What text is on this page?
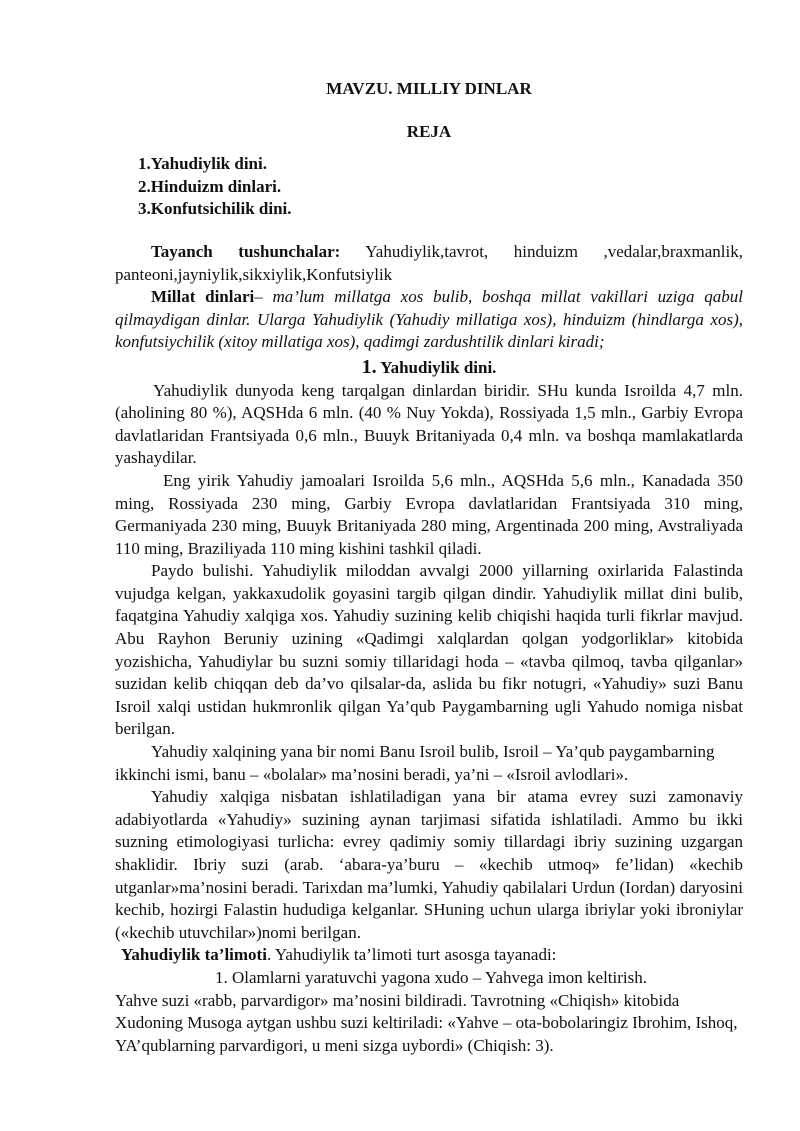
MAVZU. MILLIY DINLAR
REJA
1.Yahudiylik dini.
2.Hinduizm dinlari.
3.Konfutsichilik dini.

Tayanch tushunchalar: Yahudiylik,tavrot, hinduizm ,vedalar,braxmanlik, panteoni,jayniylik,sikxiylik,Konfutsiylik

Millat dinlari– ma’lum millatga xos bulib, boshqa millat vakillari uziga qabul qilmaydigan dinlar. Ularga Yahudiylik (Yahudiy millatiga xos), hinduizm (hindlarga xos), konfutsiychilik (xitoy millatiga xos), qadimgi zardushtilik dinlari kiradi;

1. Yahudiylik dini.

Yahudiylik dunyoda keng tarqalgan dinlardan biridir. SHu kunda Isroilda 4,7 mln. (aholining 80 %), AQSHda 6 mln. (40 % Nuy Yokda), Rossiyada 1,5 mln., Garbiy Evropa davlatlaridan Frantsiyada 0,6 mln., Buuyk Britaniyada 0,4 mln. va boshqa mamlakatlarda yashaydilar.

Eng yirik Yahudiy jamoalari Isroilda 5,6 mln., AQSHda 5,6 mln., Kanadada 350 ming, Rossiyada 230 ming, Garbiy Evropa davlatlaridan Frantsiyada 310 ming, Germaniyada 230 ming, Buuyk Britaniyada 280 ming, Argentinada 200 ming, Avstraliyada 110 ming, Braziliyada 110 ming kishini tashkil qiladi.

Paydo bulishi. Yahudiylik miloddan avvalgi 2000 yillarning oxirlarida Falastinda vujudga kelgan, yakkaxudolik goyasini targib qilgan dindir. Yahudiylik millat dini bulib, faqatgina Yahudiy xalqiga xos. Yahudiy suzining kelib chiqishi haqida turli fikrlar mavjud. Abu Rayhon Beruniy uzining «Qadimgi xalqlardan qolgan yodgorliklar» kitobida yozishicha, Yahudiylar bu suzni somiy tillaridagi hoda – «tavba qilmoq, tavba qilganlar» suzidan kelib chiqqan deb da’vo qilsalar-da, aslida bu fikr notugri, «Yahudiy» suzi Banu Isroil xalqi ustidan hukmronlik qilgan Ya’qub Paygambarning ugli Yahudo nomiga nisbat berilgan.

Yahudiy xalqining yana bir nomi Banu Isroil bulib, Isroil – Ya’qub paygambarning ikkinchi ismi, banu – «bolalar» ma’nosini beradi, ya’ni – «Isroil avlodlari».

Yahudiy xalqiga nisbatan ishlatiladigan yana bir atama evrey suzi zamonaviy adabiyotlarda «Yahudiy» suzining aynan tarjimasi sifatida ishlatiladi. Ammo bu ikki suzning etimologiyasi turlicha: evrey qadimiy somiy tillardagi ibriy suzining uzgargan shaklidir. Ibriy suzi (arab. ‘abara-ya’buru – «kechib utmoq» fe’lidan) «kechib utganlar»ma’nosini beradi. Tarixdan ma’lumki, Yahudiy qabilalari Urdun (Iordan) daryosini kechib, hozirgi Falastin hududiga kelganlar. SHuning uchun ularga ibriylar yoki ibroniylar («kechib utuvchilar»)nomi berilgan.

Yahudiylik ta’limoti. Yahudiylik ta’limoti turt asosga tayanadi:

1. Olamlarni yaratuvchi yagona xudo – Yahvega imon keltirish.

Yahve suzi «rabb, parvardigor» ma’nosini bildiradi. Tavrotning «Chiqish» kitobida Xudoning Musoga aytgan ushbu suzi keltiriladi: «Yahve – ota-bobolaringiz Ibrohim, Ishoq, YA’qublarning parvardigori, u meni sizga uybordi» (Chiqish: 3).
